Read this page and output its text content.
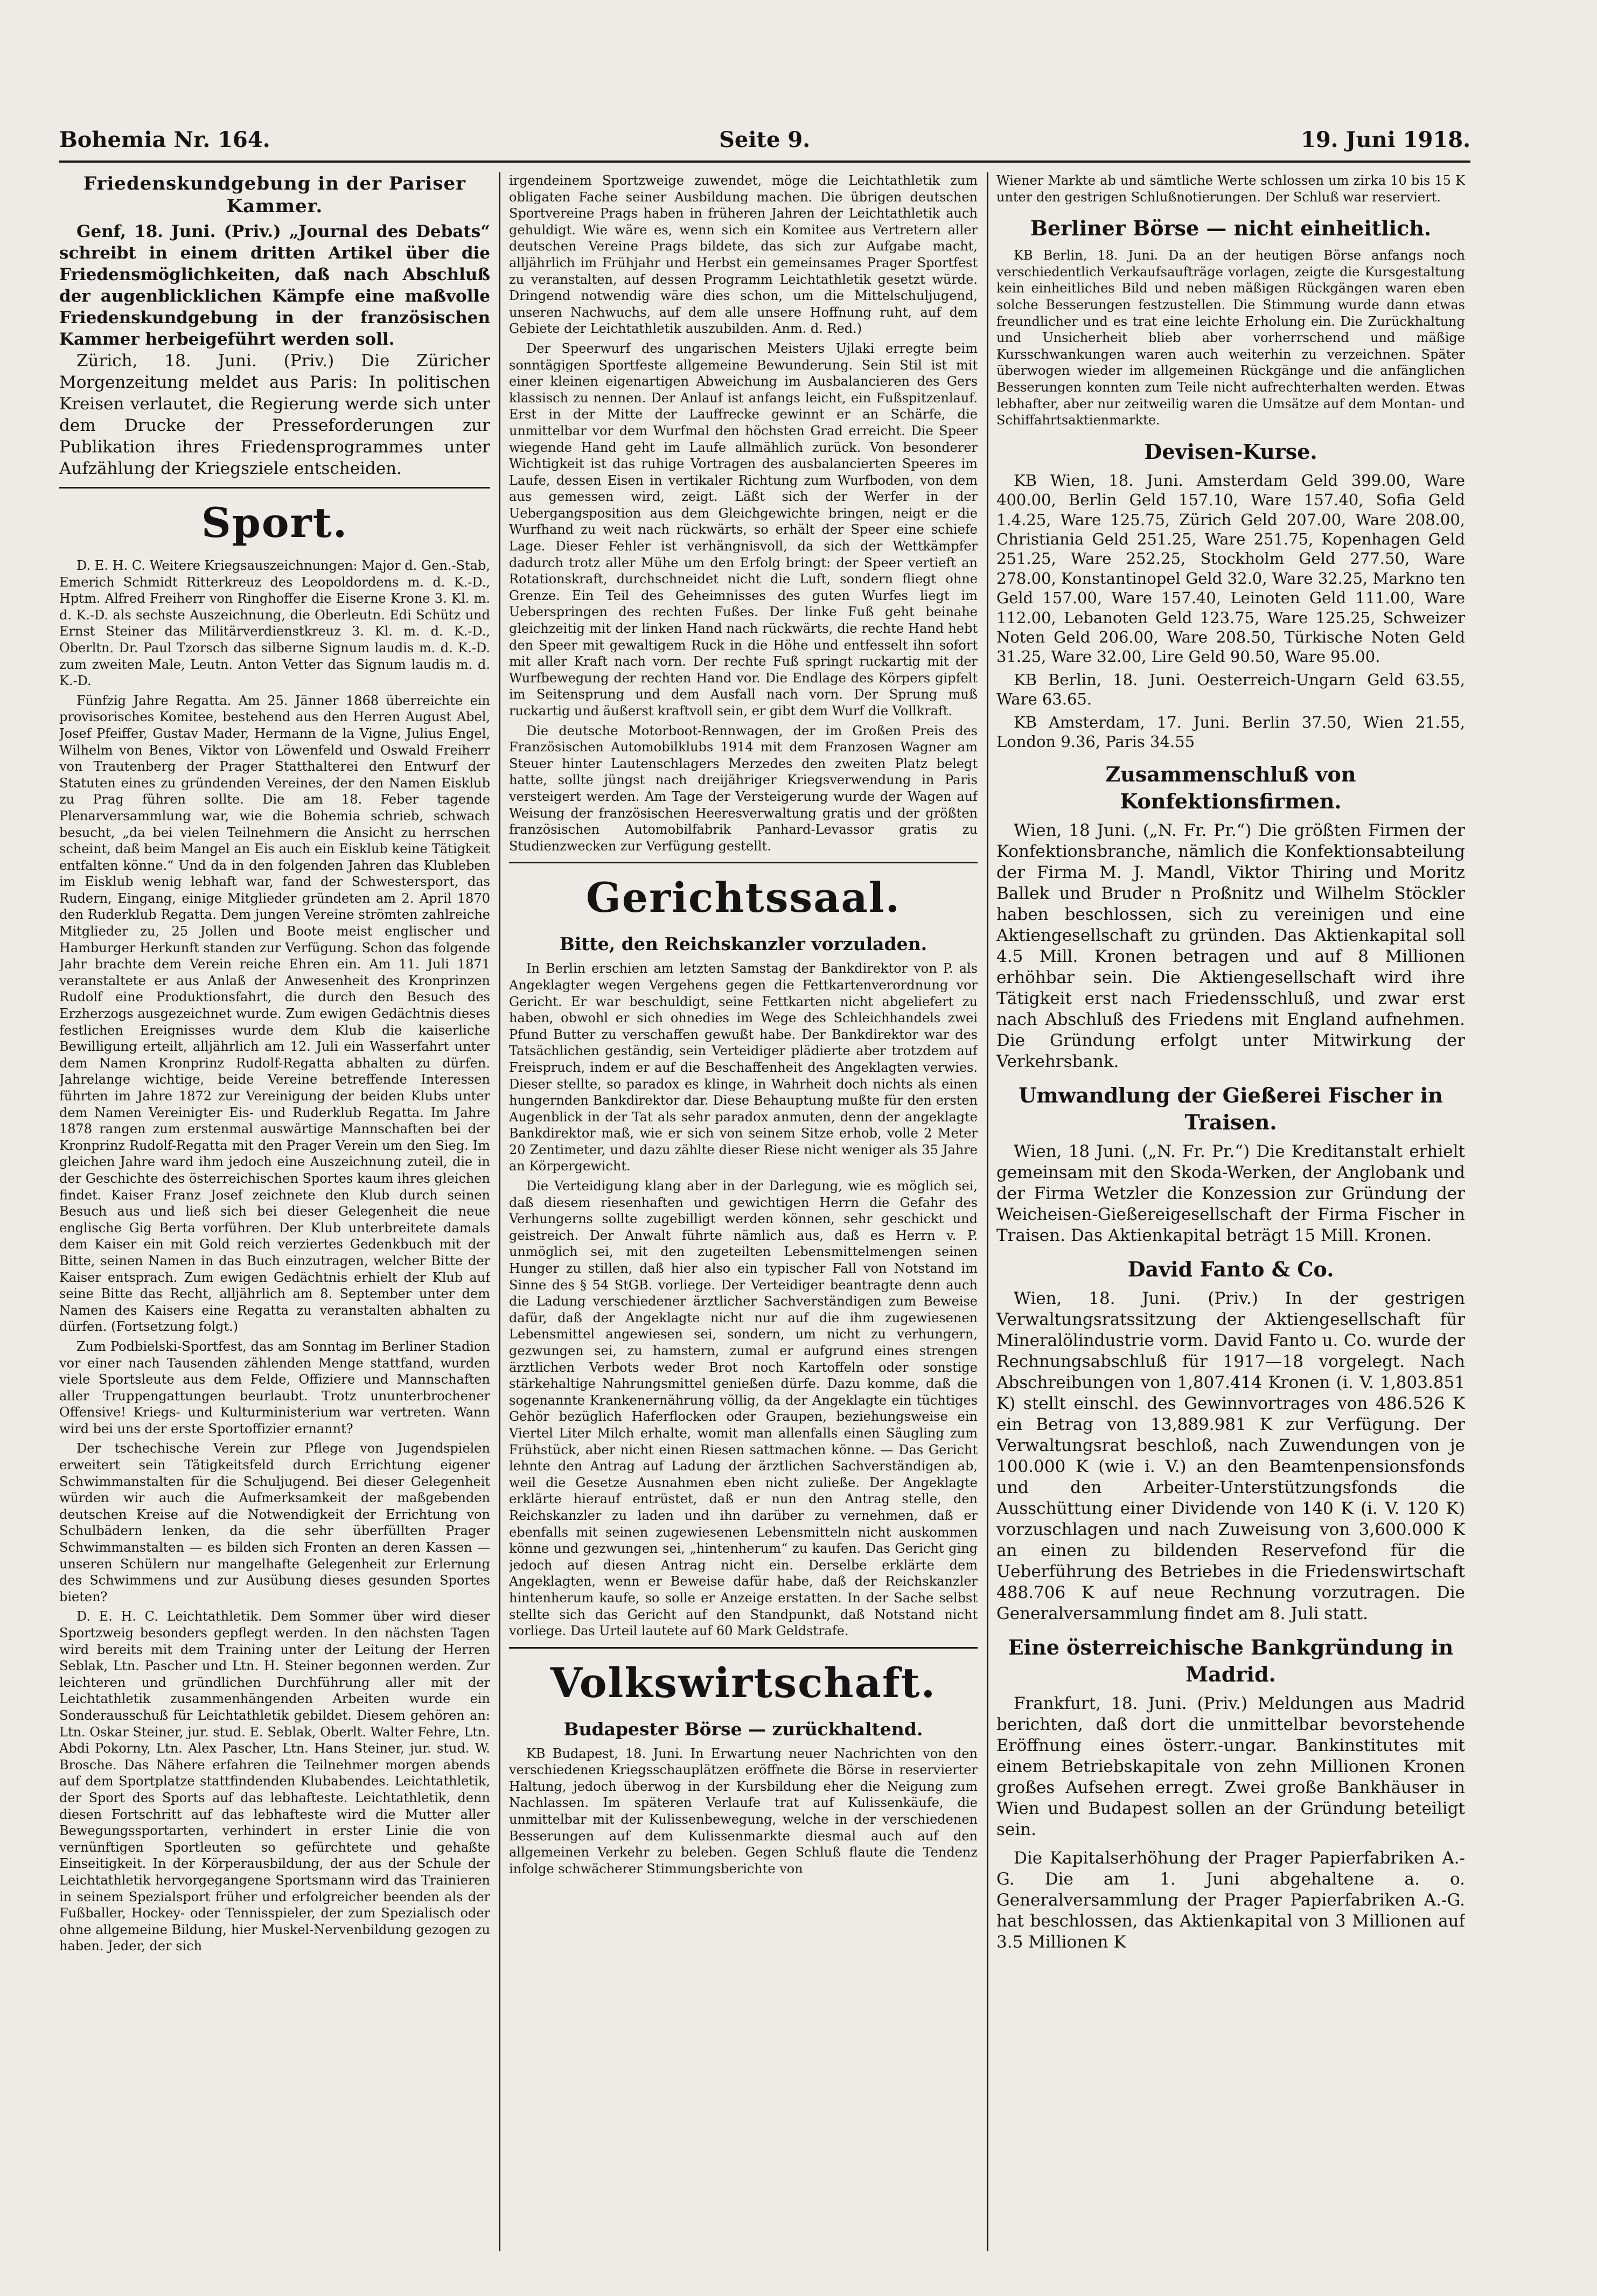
Bohemia Nr. 164.	Seite 9.	19. Juni 1918.
Friedenskundgebung in der Pariser Kammer.

Genf, 18. Juni. (Priv.) „Journal des Debats“ schreibt in einem dritten Artikel über die Friedensmöglichkeiten, daß nach Abschluß der augenblicklichen Kämpfe eine maßvolle Friedenskundgebung in der französischen Kammer herbeigeführt werden soll.

Zürich, 18. Juni. (Priv.) Die Züricher Morgenzeitung meldet aus Paris: In politischen Kreisen verlautet, die Regierung werde sich unter dem Drucke der Presseforderungen zur Publikation ihres Friedensprogrammes unter Aufzählung der Kriegsziele entscheiden.

Sport.

D. E. H. C. Weitere Kriegsauszeichnungen: Major d. Gen.-Stab, Emerich Schmidt Ritterkreuz des Leopoldordens m. d. K.-D., Hptm. Alfred Freiherr von Ringhoffer die Eiserne Krone 3. Kl. m. d. K.-D. als sechste Auszeichnung, die Oberleutn. Edi Schütz und Ernst Steiner das Militärverdienstkreuz 3. Kl. m. d. K.-D., Oberltn. Dr. Paul Tzorsch das silberne Signum laudis m. d. K.-D. zum zweiten Male, Leutn. Anton Vetter das Signum laudis m. d. K.-D.

Fünfzig Jahre Regatta. Am 25. Jänner 1868 überreichte ein provisorisches Komitee, bestehend aus den Herren August Abel, Josef Pfeiffer, Gustav Mader, Hermann de la Vigne, Julius Engel, Wilhelm von Benes, Viktor von Löwenfeld und Oswald Freiherr von Trautenberg der Prager Statthalterei den Entwurf der Statuten eines zu gründenden Vereines, der den Namen Eisklub zu Prag führen sollte. Die am 18. Feber tagende Plenarversammlung war, wie die Bohemia schrieb, schwach besucht, „da bei vielen Teilnehmern die Ansicht zu herrschen scheint, daß beim Mangel an Eis auch ein Eisklub keine Tätigkeit entfalten könne.“ Und da in den folgenden Jahren das Klubleben im Eisklub wenig lebhaft war, fand der Schwestersport, das Rudern, Eingang, einige Mitglieder gründeten am 2. April 1870 den Ruderklub Regatta. Dem jungen Vereine strömten zahlreiche Mitglieder zu, 25 Jollen und Boote meist englischer und Hamburger Herkunft standen zur Verfügung. Schon das folgende Jahr brachte dem Verein reiche Ehren ein. Am 11. Juli 1871 veranstaltete er aus Anlaß der Anwesenheit des Kronprinzen Rudolf eine Produktionsfahrt, die durch den Besuch des Erzherzogs ausgezeichnet wurde. Zum ewigen Gedächtnis dieses festlichen Ereignisses wurde dem Klub die kaiserliche Bewilligung erteilt, alljährlich am 12. Juli ein Wasserfahrt unter dem Namen Kronprinz Rudolf-Regatta abhalten zu dürfen. Jahrelange wichtige, beide Vereine betreffende Interessen führten im Jahre 1872 zur Vereinigung der beiden Klubs unter dem Namen Vereinigter Eis- und Ruderklub Regatta. Im Jahre 1878 rangen zum erstenmal auswärtige Mannschaften bei der Kronprinz Rudolf-Regatta mit den Prager Verein um den Sieg. Im gleichen Jahre ward ihm jedoch eine Auszeichnung zuteil, die in der Geschichte des österreichischen Sportes kaum ihres gleichen findet. Kaiser Franz Josef zeichnete den Klub durch seinen Besuch aus und ließ sich bei dieser Gelegenheit die neue englische Gig Berta vorführen. Der Klub unterbreitete damals dem Kaiser ein mit Gold reich verziertes Gedenkbuch mit der Bitte, seinen Namen in das Buch einzutragen, welcher Bitte der Kaiser entsprach. Zum ewigen Gedächtnis erhielt der Klub auf seine Bitte das Recht, alljährlich am 8. September unter dem Namen des Kaisers eine Regatta zu veranstalten abhalten zu dürfen. (Fortsetzung folgt.)

Zum Podbielski-Sportfest, das am Sonntag im Berliner Stadion vor einer nach Tausenden zählenden Menge stattfand, wurden viele Sportsleute aus dem Felde, Offiziere und Mannschaften aller Truppengattungen beurlaubt. Trotz ununterbrochener Offensive! Kriegs- und Kulturministerium war vertreten. Wann wird bei uns der erste Sportoffizier ernannt?

Der tschechische Verein zur Pflege von Jugendspielen erweitert sein Tätigkeitsfeld durch Errichtung eigener Schwimmanstalten für die Schuljugend. Bei dieser Gelegenheit würden wir auch die Aufmerksamkeit der maßgebenden deutschen Kreise auf die Notwendigkeit der Errichtung von Schulbädern lenken, da die sehr überfüllten Prager Schwimmanstalten — es bilden sich Fronten an deren Kassen — unseren Schülern nur mangelhafte Gelegenheit zur Erlernung des Schwimmens und zur Ausübung dieses gesunden Sportes bieten?

D. E. H. C. Leichtathletik. Dem Sommer über wird dieser Sportzweig besonders gepflegt werden. In den nächsten Tagen wird bereits mit dem Training unter der Leitung der Herren Seblak, Ltn. Pascher und Ltn. H. Steiner begonnen werden. Zur leichteren und gründlichen Durchführung aller mit der Leichtathletik zusammenhängenden Arbeiten wurde ein Sonderausschuß für Leichtathletik gebildet. Diesem gehören an: Ltn. Oskar Steiner, jur. stud. E. Seblak, Oberlt. Walter Fehre, Ltn. Abdi Pokorny, Ltn. Alex Pascher, Ltn. Hans Steiner, jur. stud. W. Brosche. Das Nähere erfahren die Teilnehmer morgen abends auf dem Sportplatze stattfindenden Klubabendes. Leichtathletik, der Sport des Sports auf das lebhafteste. Leichtathletik, denn diesen Fortschritt auf das lebhafteste wird die Mutter aller Bewegungssportarten, verhindert in erster Linie die von vernünftigen Sportleuten so gefürchtete und gehaßte Einseitigkeit. In der Körperausbildung, der aus der Schule der Leichtathletik hervorgegangene Sportsmann wird das Trainieren in seinem Spezialsport früher und erfolgreicher beenden als der Fußballer, Hockey- oder Tennisspieler, der zum Spezialisch oder ohne allgemeine Bildung, hier Muskel-Nervenbildung gezogen zu haben. Jeder, der sich

irgendeinem Sportzweige zuwendet, möge die Leichtathletik zum obligaten Fache seiner Ausbildung machen. Die übrigen deutschen Sportvereine Prags haben in früheren Jahren der Leichtathletik auch gehuldigt. Wie wäre es, wenn sich ein Komitee aus Vertretern aller deutschen Vereine Prags bildete, das sich zur Aufgabe macht, alljährlich im Frühjahr und Herbst ein gemeinsames Prager Sportfest zu veranstalten, auf dessen Programm Leichtathletik gesetzt würde. Dringend notwendig wäre dies schon, um die Mittelschuljugend, unseren Nachwuchs, auf dem alle unsere Hoffnung ruht, auf dem Gebiete der Leichtathletik auszubilden. Anm. d. Red.)

Der Speerwurf des ungarischen Meisters Ujlaki erregte beim sonntägigen Sportfeste allgemeine Bewunderung. Sein Stil ist mit einer kleinen eigenartigen Abweichung im Ausbalancieren des Gers klassisch zu nennen. Der Anlauf ist anfangs leicht, ein Fußspitzenlauf. Erst in der Mitte der Lauffrecke gewinnt er an Schärfe, die unmittelbar vor dem Wurfmal den höchsten Grad erreicht. Die Speer wiegende Hand geht im Laufe allmählich zurück. Von besonderer Wichtigkeit ist das ruhige Vortragen des ausbalancierten Speeres im Laufe, dessen Eisen in vertikaler Richtung zum Wurfboden, von dem aus gemessen wird, zeigt. Läßt sich der Werfer in der Uebergangsposition aus dem Gleichgewichte bringen, neigt er die Wurfhand zu weit nach rückwärts, so erhält der Speer eine schiefe Lage. Dieser Fehler ist verhängnisvoll, da sich der Wettkämpfer dadurch trotz aller Mühe um den Erfolg bringt: der Speer vertieft an Rotationskraft, durchschneidet nicht die Luft, sondern fliegt ohne Grenze. Ein Teil des Geheimnisses des guten Wurfes liegt im Ueberspringen des rechten Fußes. Der linke Fuß geht beinahe gleichzeitig mit der linken Hand nach rückwärts, die rechte Hand hebt den Speer mit gewaltigem Ruck in die Höhe und entfesselt ihn sofort mit aller Kraft nach vorn. Der rechte Fuß springt ruckartig mit der Wurfbewegung der rechten Hand vor. Die Endlage des Körpers gipfelt im Seitensprung und dem Ausfall nach vorn. Der Sprung muß ruckartig und äußerst kraftvoll sein, er gibt dem Wurf die Vollkraft.

Die deutsche Motorboot-Rennwagen, der im Großen Preis des Französischen Automobilklubs 1914 mit dem Franzosen Wagner am Steuer hinter Lautenschlagers Merzedes den zweiten Platz belegt hatte, sollte jüngst nach dreijähriger Kriegsverwendung in Paris versteigert werden. Am Tage der Versteigerung wurde der Wagen auf Weisung der französischen Heeresverwaltung gratis und der größten französischen Automobilfabrik Panhard-Levassor gratis zu Studienzwecken zur Verfügung gestellt.

Gerichtssaal.
Bitte, den Reichskanzler vorzuladen.

In Berlin erschien am letzten Samstag der Bankdirektor von P. als Angeklagter wegen Vergehens gegen die Fettkartenverordnung vor Gericht. Er war beschuldigt, seine Fettkarten nicht abgeliefert zu haben, obwohl er sich ohnedies im Wege des Schleichhandels zwei Pfund Butter zu verschaffen gewußt habe. Der Bankdirektor war des Tatsächlichen geständig, sein Verteidiger plädierte aber trotzdem auf Freispruch, indem er auf die Beschaffenheit des Angeklagten verwies. Dieser stellte, so paradox es klinge, in Wahrheit doch nichts als einen hungernden Bankdirektor dar. Diese Behauptung mußte für den ersten Augenblick in der Tat als sehr paradox anmuten, denn der angeklagte Bankdirektor maß, wie er sich von seinem Sitze erhob, volle 2 Meter 20 Zentimeter, und dazu zählte dieser Riese nicht weniger als 35 Jahre an Körpergewicht.

Die Verteidigung klang aber in der Darlegung, wie es möglich sei, daß diesem riesenhaften und gewichtigen Herrn die Gefahr des Verhungerns sollte zugebilligt werden können, sehr geschickt und geistreich. Der Anwalt führte nämlich aus, daß es Herrn v. P. unmöglich sei, mit den zugeteilten Lebensmittelmengen seinen Hunger zu stillen, daß hier also ein typischer Fall von Notstand im Sinne des § 54 StGB. vorliege. Der Verteidiger beantragte denn auch die Ladung verschiedener ärztlicher Sachverständigen zum Beweise dafür, daß der Angeklagte nicht nur auf die ihm zugewiesenen Lebensmittel angewiesen sei, sondern, um nicht zu verhungern, gezwungen sei, zu hamstern, zumal er aufgrund eines strengen ärztlichen Verbots weder Brot noch Kartoffeln oder sonstige stärkehaltige Nahrungsmittel genießen dürfe. Dazu komme, daß die sogenannte Krankenernährung völlig, da der Angeklagte ein tüchtiges Gehör bezüglich Haferflocken oder Graupen, beziehungsweise ein Viertel Liter Milch erhalte, womit man allenfalls einen Säugling zum Frühstück, aber nicht einen Riesen sattmachen könne. — Das Gericht lehnte den Antrag auf Ladung der ärztlichen Sachverständigen ab, weil die Gesetze Ausnahmen eben nicht zuließe. Der Angeklagte erklärte hierauf entrüstet, daß er nun den Antrag stelle, den Reichskanzler zu laden und ihn darüber zu vernehmen, daß er ebenfalls mit seinen zugewiesenen Lebensmitteln nicht auskommen könne und gezwungen sei, „hintenherum“ zu kaufen. Das Gericht ging jedoch auf diesen Antrag nicht ein. Derselbe erklärte dem Angeklagten, wenn er Beweise dafür habe, daß der Reichskanzler hintenherum kaufe, so solle er Anzeige erstatten. In der Sache selbst stellte sich das Gericht auf den Standpunkt, daß Notstand nicht vorliege. Das Urteil lautete auf 60 Mark Geldstrafe.

Volkswirtschaft.
Budapester Börse — zurückhaltend.

KB Budapest, 18. Juni. In Erwartung neuer Nachrichten von den verschiedenen Kriegsschauplätzen eröffnete die Börse in reservierter Haltung, jedoch überwog in der Kursbildung eher die Neigung zum Nachlassen. Im späteren Verlaufe trat auf Kulissenkäufe, die unmittelbar mit der Kulissenbewegung, welche in der verschiedenen Besserungen auf dem Kulissenmarkte diesmal auch auf den allgemeinen Verkehr zu beleben. Gegen Schluß flaute die Tendenz infolge schwächerer Stimmungsberichte von

Wiener Markte ab und sämtliche Werte schlossen um zirka 10 bis 15 K unter den gestrigen Schlußnotierungen. Der Schluß war reserviert.

Berliner Börse — nicht einheitlich.

KB Berlin, 18. Juni. Da an der heutigen Börse anfangs noch verschiedentlich Verkaufsaufträge vorlagen, zeigte die Kursgestaltung kein einheitliches Bild und neben mäßigen Rückgängen waren eben solche Besserungen festzustellen. Die Stimmung wurde dann etwas freundlicher und es trat eine leichte Erholung ein. Die Zurückhaltung und Unsicherheit blieb aber vorherrschend und mäßige Kursschwankungen waren auch weiterhin zu verzeichnen. Später überwogen wieder im allgemeinen Rückgänge und die anfänglichen Besserungen konnten zum Teile nicht aufrechterhalten werden. Etwas lebhafter, aber nur zeitweilig waren die Umsätze auf dem Montan- und Schiffahrtsaktienmarkte.

Devisen-Kurse.

KB Wien, 18. Juni. Amsterdam Geld 399.00, Ware 400.00, Berlin Geld 157.10, Ware 157.40, Sofia Geld 1.4.25, Ware 125.75, Zürich Geld 207.00, Ware 208.00, Christiania Geld 251.25, Ware 251.75, Kopenhagen Geld 251.25, Ware 252.25, Stockholm Geld 277.50, Ware 278.00, Konstantinopel Geld 32.0, Ware 32.25, Markno ten Geld 157.00, Ware 157.40, Leinoten Geld 111.00, Ware 112.00, Lebanoten Geld 123.75, Ware 125.25, Schweizer Noten Geld 206.00, Ware 208.50, Türkische Noten Geld 31.25, Ware 32.00, Lire Geld 90.50, Ware 95.00.

KB Berlin, 18. Juni. Oesterreich-Ungarn Geld 63.55, Ware 63.65.

KB Amsterdam, 17. Juni. Berlin 37.50, Wien 21.55, London 9.36, Paris 34.55

Zusammenschluß von Konfektionsfirmen.

Wien, 18 Juni. („N. Fr. Pr.“) Die größten Firmen der Konfektionsbranche, nämlich die Konfektionsabteilung der Firma M. J. Mandl, Viktor Thiring und Moritz Ballek und Bruder n Proßnitz und Wilhelm Stöckler haben beschlossen, sich zu vereinigen und eine Aktiengesellschaft zu gründen. Das Aktienkapital soll 4.5 Mill. Kronen betragen und auf 8 Millionen erhöhbar sein. Die Aktiengesellschaft wird ihre Tätigkeit erst nach Friedensschluß, und zwar erst nach Abschluß des Friedens mit England aufnehmen. Die Gründung erfolgt unter Mitwirkung der Verkehrsbank.

Umwandlung der Gießerei Fischer in Traisen.

Wien, 18 Juni. („N. Fr. Pr.“) Die Kreditanstalt erhielt gemeinsam mit den Skoda-Werken, der Anglobank und der Firma Wetzler die Konzession zur Gründung der Weicheisen-Gießereigesellschaft der Firma Fischer in Traisen. Das Aktienkapital beträgt 15 Mill. Kronen.

David Fanto & Co.

Wien, 18. Juni. (Priv.) In der gestrigen Verwaltungsratssitzung der Aktiengesellschaft für Mineralölindustrie vorm. David Fanto u. Co. wurde der Rechnungsabschluß für 1917—18 vorgelegt. Nach Abschreibungen von 1,807.414 Kronen (i. V. 1,803.851 K) stellt einschl. des Gewinnvortrages von 486.526 K ein Betrag von 13,889.981 K zur Verfügung. Der Verwaltungsrat beschloß, nach Zuwendungen von je 100.000 K (wie i. V.) an den Beamtenpensionsfonds und den Arbeiter-Unterstützungsfonds die Ausschüttung einer Dividende von 140 K (i. V. 120 K) vorzuschlagen und nach Zuweisung von 3,600.000 K an einen zu bildenden Reservefond für die Ueberführung des Betriebes in die Friedenswirtschaft 488.706 K auf neue Rechnung vorzutragen. Die Generalversammlung findet am 8. Juli statt.

Eine österreichische Bankgründung in Madrid.

Frankfurt, 18. Juni. (Priv.) Meldungen aus Madrid berichten, daß dort die unmittelbar bevorstehende Eröffnung eines österr.-ungar. Bankinstitutes mit einem Betriebskapitale von zehn Millionen Kronen großes Aufsehen erregt. Zwei große Bankhäuser in Wien und Budapest sollen an der Gründung beteiligt sein.

Die Kapitalserhöhung der Prager Papierfabriken A.-G. Die am 1. Juni abgehaltene a. o. Generalversammlung der Prager Papierfabriken A.-G. hat beschlossen, das Aktienkapital von 3 Millionen auf 3.5 Millionen K
